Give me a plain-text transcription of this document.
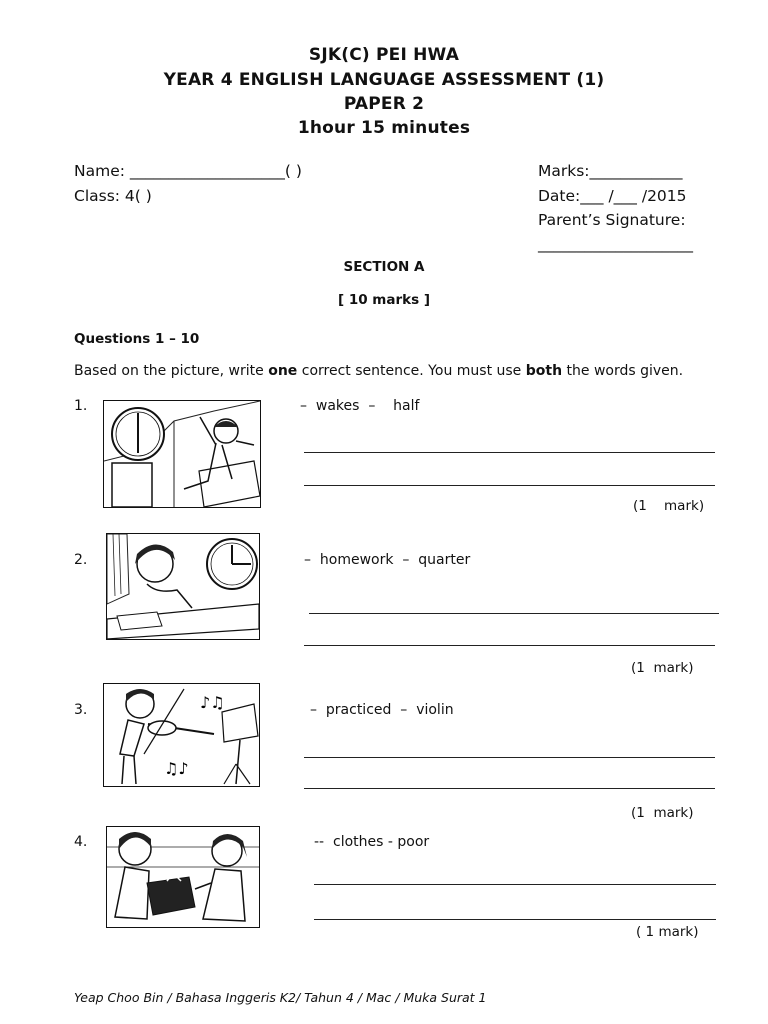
SJK(C) PEI HWA
YEAR 4 ENGLISH LANGUAGE ASSESSMENT (1)
PAPER 2
1hour 15 minutes
Name: ____________________( )
Class: 4( )
Marks:____________
Date:___ /___ /2015
Parent’s Signature:
____________________
SECTION A
[ 10 marks ]
Questions 1 – 10
Based on the picture, write one correct sentence. You must use both the words given.
1.	–  wakes  –    half
(1    mark)
2.	–  homework  –  quarter
(1  mark)
3.	♪♫
♫♪
–  practiced  –  violin
(1  mark)
4.	--  clothes - poor
( 1 mark)
Yeap Choo Bin / Bahasa Inggeris K2/ Tahun 4 / Mac / Muka Surat 1
